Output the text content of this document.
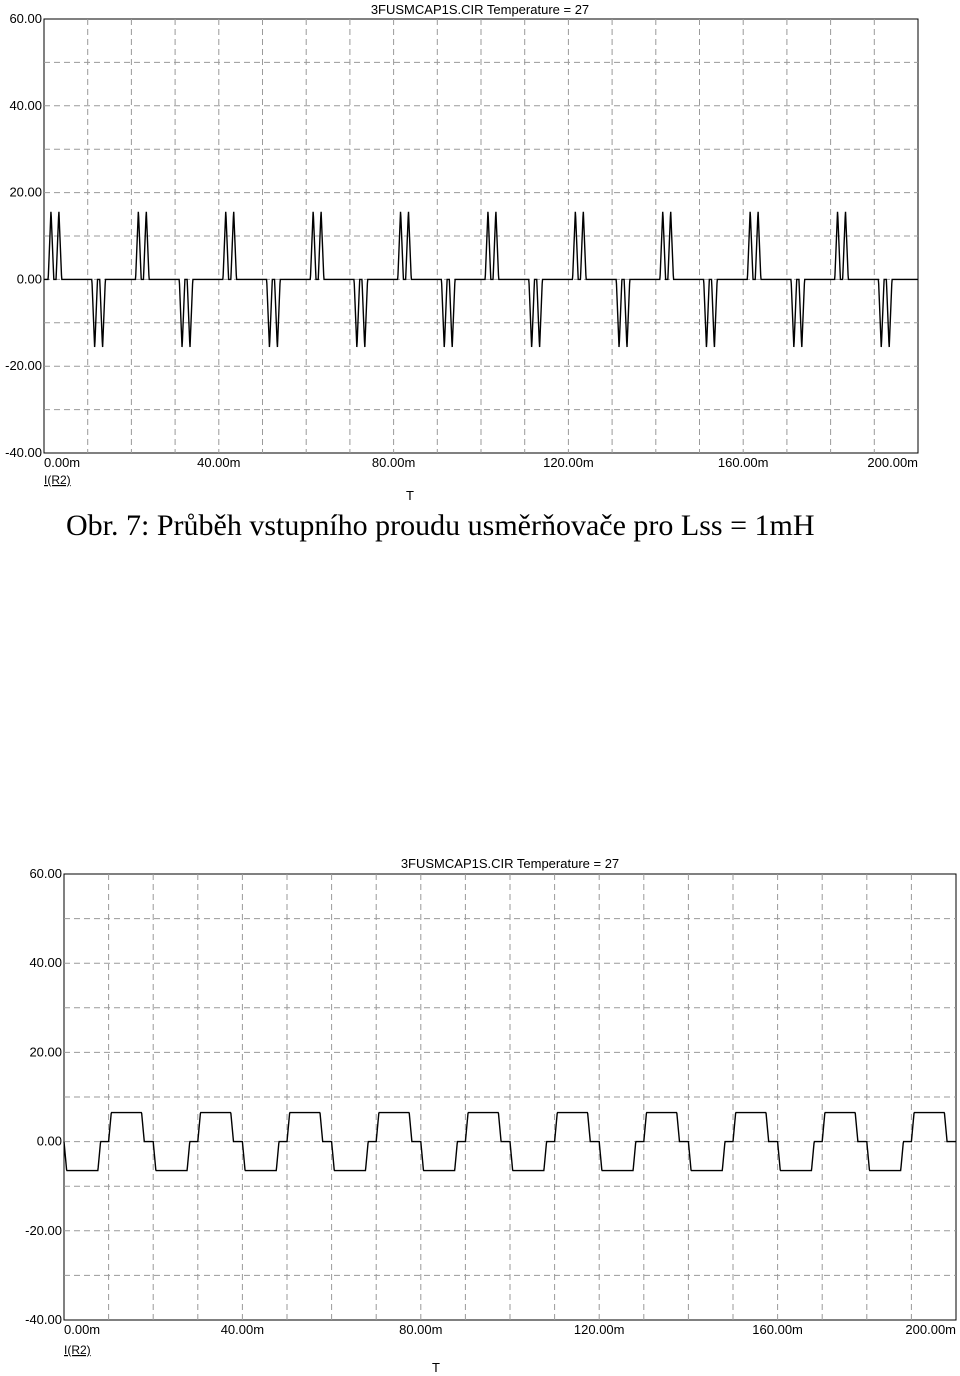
3FUSMCAP1S.CIR Temperature = 27
60.00
40.00
20.00
0.00
-20.00
-40.00
0.00m	40.00m	80.00m	120.00m	160.00m	200.00m
I(R2)
T
Obr. 7: Průběh vstupního proudu usměrňovače pro Lss = 1mH
3FUSMCAP1S.CIR Temperature = 27
60.00
40.00
20.00
0.00
-20.00
-40.00
0.00m	40.00m	80.00m	120.00m	160.00m	200.00m
I(R2)
T
